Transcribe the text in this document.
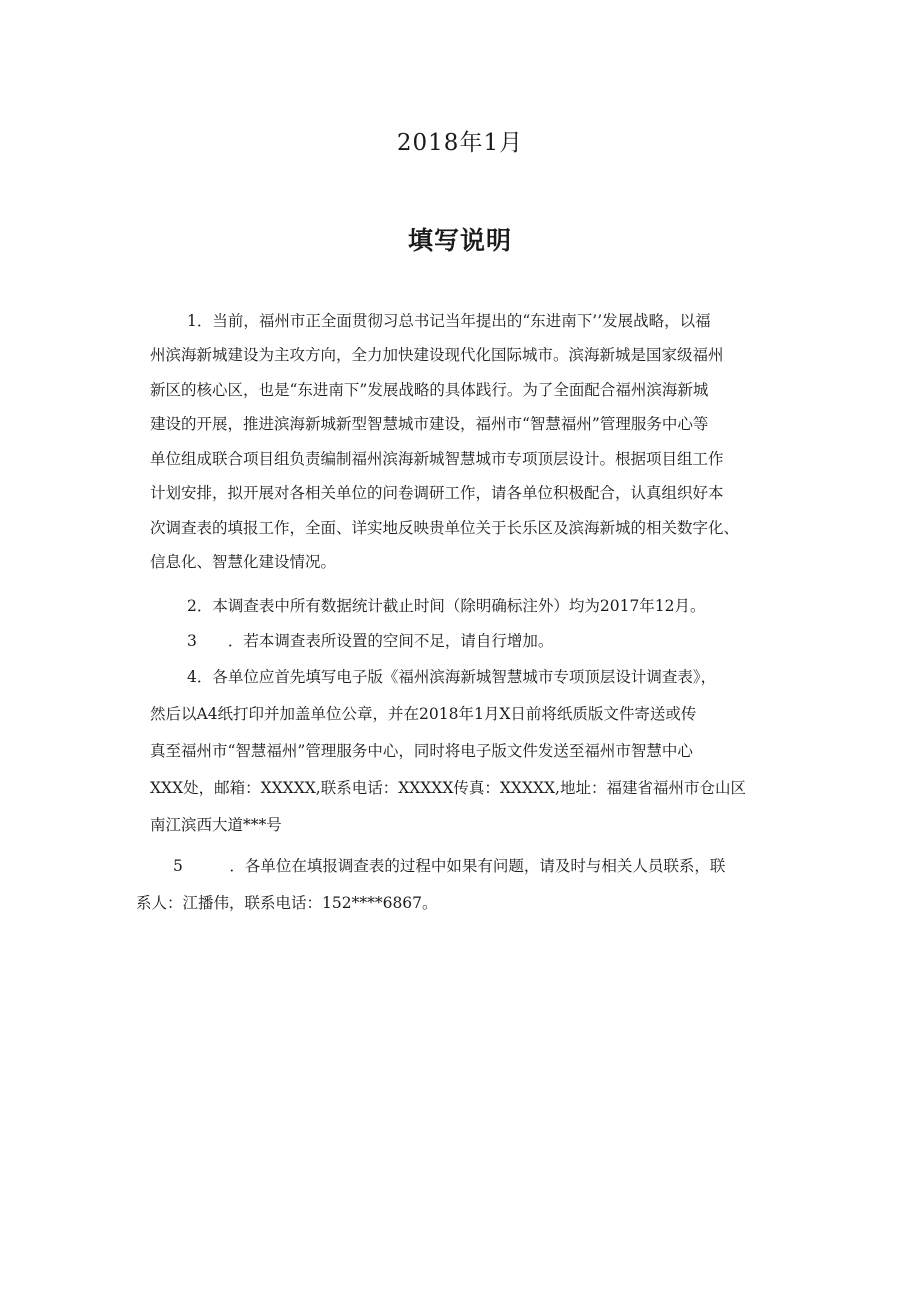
2018年1月
填写说明
1．当前，福州市正全面贯彻习总书记当年提出的“东进南下’’发展战略，以福
州滨海新城建设为主攻方向，全力加快建设现代化国际城市。滨海新城是国家级福州
新区的核心区，也是“东进南下”发展战略的具体践行。为了全面配合福州滨海新城
建设的开展，推进滨海新城新型智慧城市建设，福州市“智慧福州”管理服务中心等
单位组成联合项目组负责编制福州滨海新城智慧城市专项顶层设计。根据项目组工作
计划安排，拟开展对各相关单位的问卷调研工作，请各单位积极配合，认真组织好本
次调查表的填报工作，全面、详实地反映贵单位关于长乐区及滨海新城的相关数字化、
信息化、智慧化建设情况。
2．本调查表中所有数据统计截止时间（除明确标注外）均为2017年12月。
3　　．若本调查表所设置的空间不足，请自行增加。
4．各单位应首先填写电子版《福州滨海新城智慧城市专项顶层设计调查表》，
然后以A4纸打印并加盖单位公章，并在2018年1月X日前将纸质版文件寄送或传
真至福州市“智慧福州”管理服务中心，同时将电子版文件发送至福州市智慧中心
XXX处，邮箱：XXXXX,联系电话：XXXXX传真：XXXXX,地址：福建省福州市仓山区
南江滨西大道***号
5　　　．各单位在填报调查表的过程中如果有问题，请及时与相关人员联系，联
系人：江播伟，联系电话：152****6867。
